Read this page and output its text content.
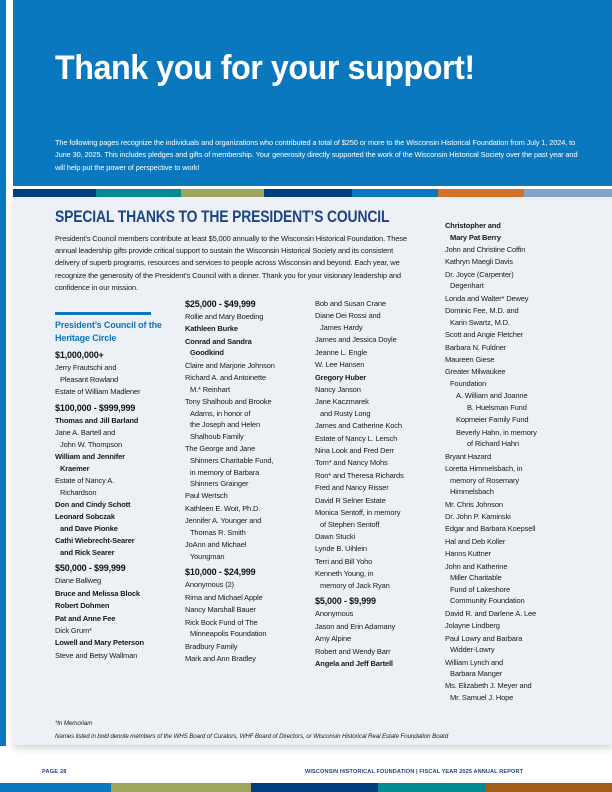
Thank you for your support!

The following pages recognize the individuals and organizations who contributed a total of $250 or more to the Wisconsin Historical Foundation from July 1, 2024, to June 30, 2025. This includes pledges and gifts of membership. Your generosity directly supported the work of the Wisconsin Historical Society over the past year and will help put the power of perspective to work!

SPECIAL THANKS TO THE PRESIDENT’S COUNCIL

President’s Council members contribute at least $5,000 annually to the Wisconsin Historical Foundation. These annual leadership gifts provide critical support to sustain the Wisconsin Historical Society and its consistent delivery of superb programs, resources and services to people across Wisconsin and beyond. Each year, we recognize the generosity of the President’s Council with a dinner. Thank you for your visionary leadership and confidence in our mission.

President’s Council of the Heritage Circle
$1,000,000+
Jerry Frautschi and
Pleasant Rowland
Estate of William Madlener
$100,000 - $999,999
Thomas and Jill Barland
Jane A. Bartell and
John W. Thompson
William and Jennifer
Kraemer
Estate of Nancy A.
Richardson
Don and Cindy Schott
Leonard Sobczak
and Dave Pionke
Cathi Wiebrecht-Searer
and Rick Searer
$50,000 - $99,999
Diane Ballweg
Bruce and Melissa Block
Robert Dohmen
Pat and Anne Fee
Dick Grum*
Lowell and Mary Peterson
Steve and Betsy Wallman
$25,000 - $49,999
Rollie and Mary Boeding
Kathleen Burke
Conrad and Sandra
Goodkind
Claire and Marjorie Johnson
Richard A. and Antoinette
M.* Reinhart
Tony Shalhoub and Brooke
Adams, in honor of
the Joseph and Helen
Shalhoub Family
The George and Jane
Shinners Charitable Fund,
in memory of Barbara
Shinners Grainger
Paul Wertsch
Kathleen E. Woit, Ph.D.
Jennifer A. Younger and
Thomas R. Smith
JoAnn and Michael
Youngman
$10,000 - $24,999
Anonymous (2)
Rima and Michael Apple
Nancy Marshall Bauer
Rick Bock Fund of The
Minneapolis Foundation
Bradbury Family
Mark and Ann Bradley
Bob and Susan Crane
Diane Dei Rossi and
James Hardy
James and Jessica Doyle
Jeanne L. Engle
W. Lee Hansen
Gregory Huber
Nancy Janson
Jane Kaczmarek
and Rusty Long
James and Catherine Koch
Estate of Nancy L. Lersch
Nina Look and Fred Derr
Tom* and Nancy Mohs
Ron* and Theresa Richards
Fred and Nancy Risser
David R Selner Estate
Monica Sentoff, in memory
of Stephen Sentoff
Dawn Stucki
Lynde B. Uihlein
Terri and Bill Yoho
Kenneth Young, in
memory of Jack Ryan
$5,000 - $9,999
Anonymous
Jason and Erin Adamany
Amy Alpine
Robert and Wendy Barr
Angela and Jeff Bartell
Christopher and
Mary Pat Berry
John and Christine Coffin
Kathryn Maegli Davis
Dr. Joyce (Carpenter)
Degenhart
Londa and Walter* Dewey
Dominic Fee, M.D. and
Karin Swartz, M.D.
Scott and Angie Fletcher
Barbara N. Fuldner
Maureen Giese
Greater Milwaukee
Foundation
A. William and Joanne
B. Huelsman Fund
Kopmeier Family Fund
Beverly Hahn, in memory
of Richard Hahn
Bryant Hazard
Loretta Himmelsbach, in
memory of Rosemary
Himmelsbach
Mr. Chris Johnson
Dr. John P. Kaminski
Edgar and Barbara Koepsell
Hal and Deb Koller
Hanns Kuttner
John and Katherine
Miller Charitable
Fund of Lakeshore
Community Foundation
David R. and Darlene A. Lee
Jolayne Lindberg
Paul Lowry and Barbara
Widder-Lowry
William Lynch and
Barbara Manger
Ms. Elizabeth J. Meyer and
Mr. Samuel J. Hope
*In Memoriam
Names listed in bold denote members of the WHS Board of Curators, WHF Board of Directors, or Wisconsin Historical Real Estate Foundation Board
PAGE 28	WISCONSIN HISTORICAL FOUNDATION | FISCAL YEAR 2025 ANNUAL REPORT
